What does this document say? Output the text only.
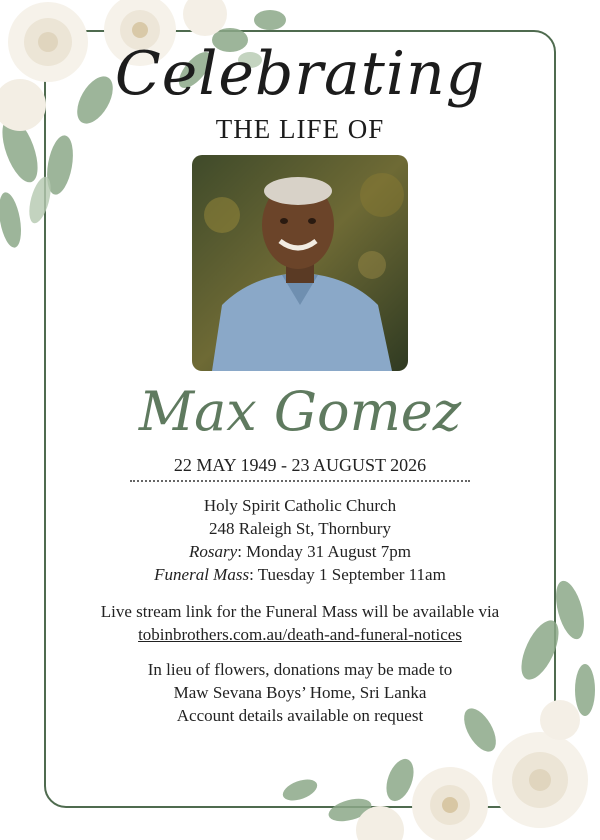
Celebrating
THE LIFE OF
Max Gomez
22 MAY 1949 - 23 AUGUST 2026
Holy Spirit Catholic Church
248 Raleigh St, Thornbury
Rosary: Monday 31 August 7pm
Funeral Mass: Tuesday 1 September 11am
Live stream link for the Funeral Mass will be available via
tobinbrothers.com.au/death-and-funeral-notices
In lieu of flowers, donations may be made to
Maw Sevana Boys’ Home, Sri Lanka
Account details available on request
